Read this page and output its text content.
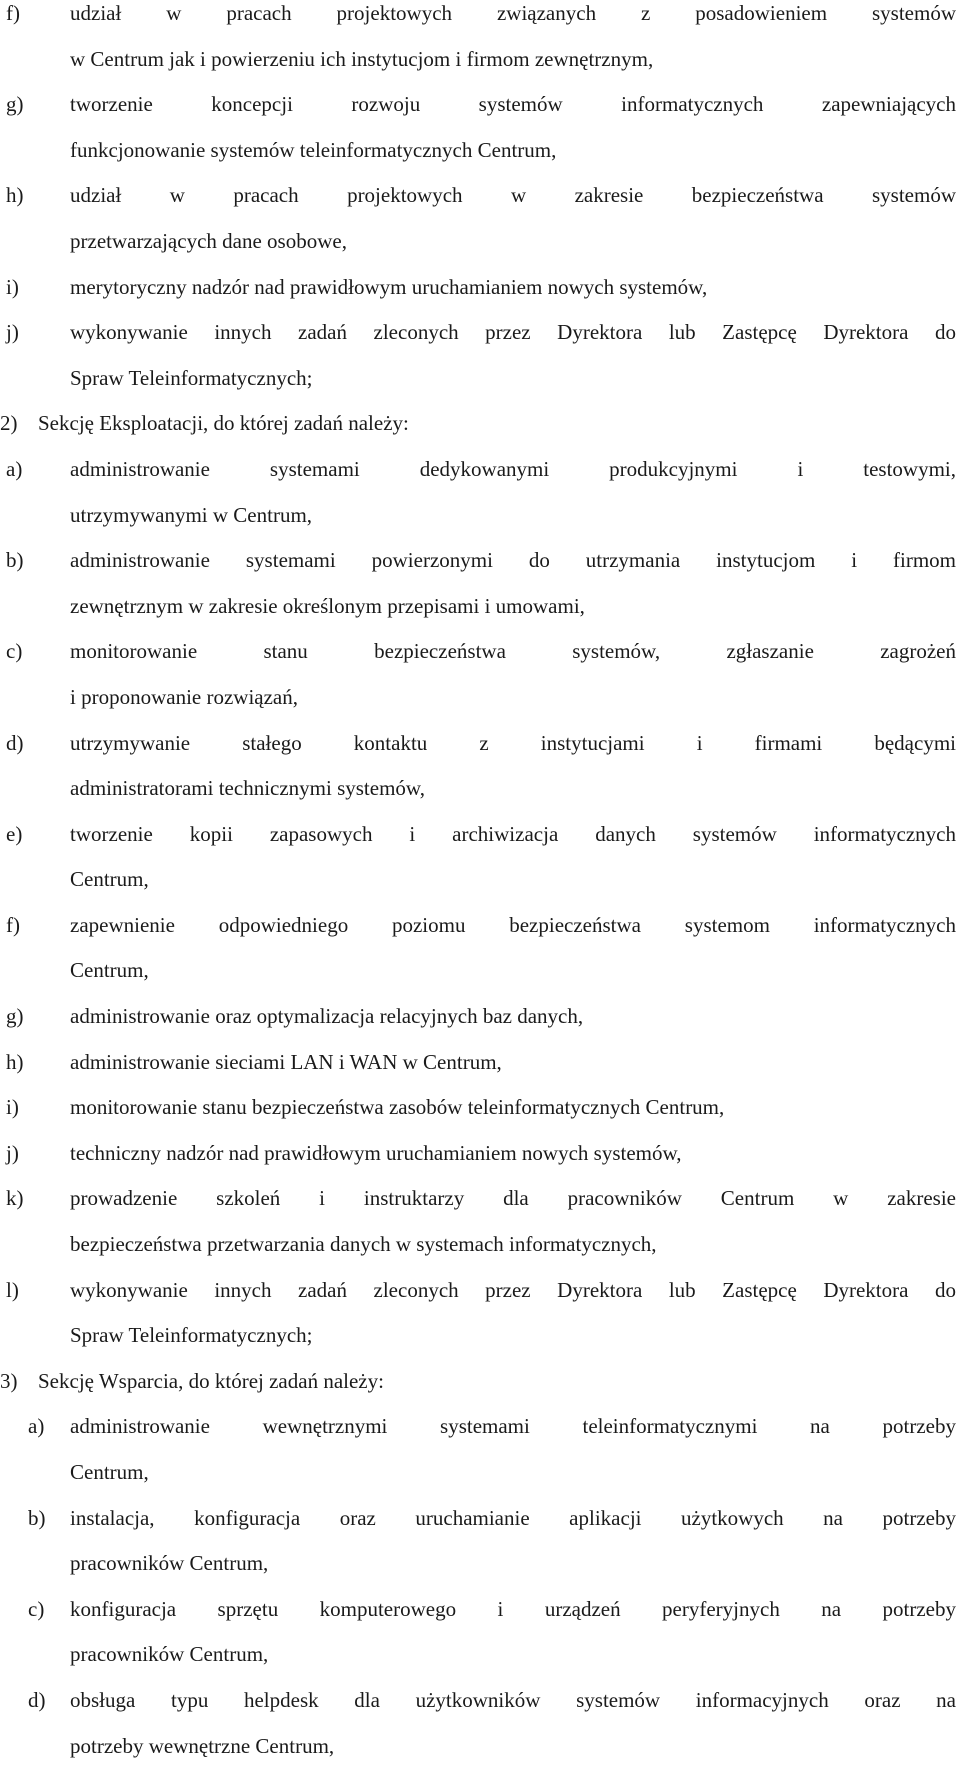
f) udział w pracach projektowych związanych z posadowieniem systemów
w Centrum jak i powierzeniu ich instytucjom i firmom zewnętrznym,
g) tworzenie koncepcji rozwoju systemów informatycznych zapewniających
funkcjonowanie systemów teleinformatycznych Centrum,
h) udział w pracach projektowych w zakresie bezpieczeństwa systemów
przetwarzających dane osobowe,
i) merytoryczny nadzór nad prawidłowym uruchamianiem nowych systemów,
j) wykonywanie innych zadań zleconych przez Dyrektora lub Zastępcę Dyrektora do
Spraw Teleinformatycznych;
2) Sekcję Eksploatacji, do której zadań należy:
a) administrowanie systemami dedykowanymi produkcyjnymi i testowymi,
utrzymywanymi w Centrum,
b) administrowanie systemami powierzonymi do utrzymania instytucjom i firmom
zewnętrznym w zakresie określonym przepisami i umowami,
c) monitorowanie stanu bezpieczeństwa systemów, zgłaszanie zagrożeń
i proponowanie rozwiązań,
d) utrzymywanie stałego kontaktu z instytucjami i firmami będącymi
administratorami technicznymi systemów,
e) tworzenie kopii zapasowych i archiwizacja danych systemów informatycznych
Centrum,
f) zapewnienie odpowiedniego poziomu bezpieczeństwa systemom informatycznych
Centrum,
g) administrowanie oraz optymalizacja relacyjnych baz danych,
h) administrowanie sieciami LAN i WAN w Centrum,
i) monitorowanie stanu bezpieczeństwa zasobów teleinformatycznych Centrum,
j) techniczny nadzór nad prawidłowym uruchamianiem nowych systemów,
k) prowadzenie szkoleń i instruktarzy dla pracowników Centrum w zakresie
bezpieczeństwa przetwarzania danych w systemach informatycznych,
l) wykonywanie innych zadań zleconych przez Dyrektora lub Zastępcę Dyrektora do
Spraw Teleinformatycznych;
3) Sekcję Wsparcia, do której zadań należy:
a) administrowanie wewnętrznymi systemami teleinformatycznymi na potrzeby
Centrum,
b) instalacja, konfiguracja oraz uruchamianie aplikacji użytkowych na potrzeby
pracowników Centrum,
c) konfiguracja sprzętu komputerowego i urządzeń peryferyjnych na potrzeby
pracowników Centrum,
d) obsługa typu helpdesk dla użytkowników systemów informacyjnych oraz na
potrzeby wewnętrzne Centrum,
